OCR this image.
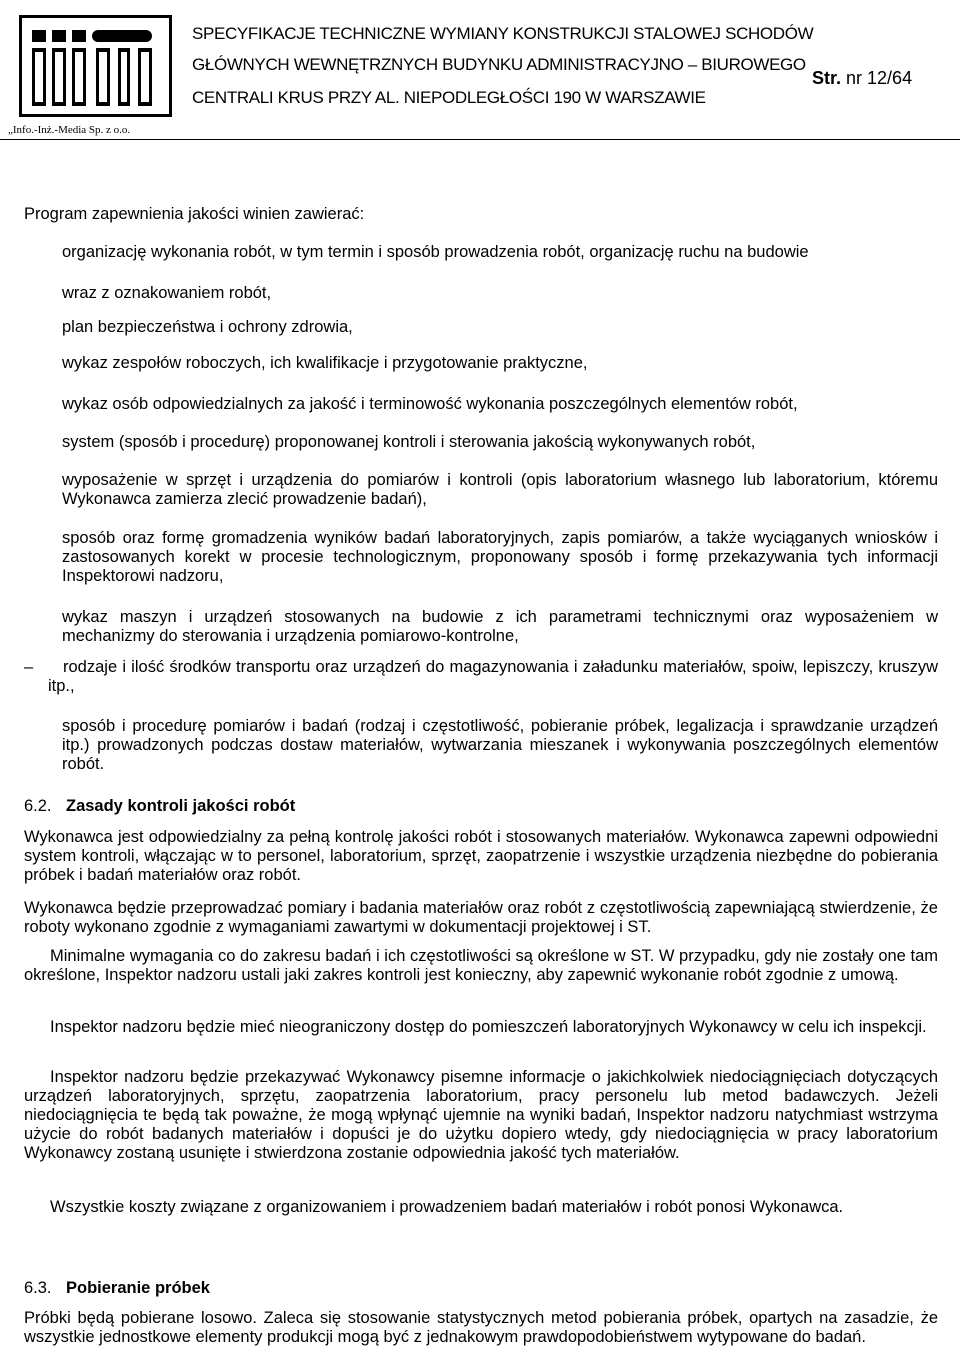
SPECYFIKACJE TECHNICZNE WYMIANY KONSTRUKCJI STALOWEJ SCHODÓW
GŁÓWNYCH WEWNĘTRZNYCH BUDYNKU ADMINISTRACYJNO – BIUROWEGO
CENTRALI KRUS PRZY AL. NIEPODLEGŁOŚCI 190 W WARSZAWIE
Str. nr 12/64
„Info.-Inż.-Media Sp. z o.o.
Program zapewnienia jakości winien zawierać:
organizację wykonania robót, w tym termin i sposób prowadzenia robót, organizację ruchu na budowie
wraz z oznakowaniem robót,
plan bezpieczeństwa i ochrony zdrowia,
wykaz zespołów roboczych, ich kwalifikacje i przygotowanie praktyczne,
wykaz osób odpowiedzialnych za jakość i terminowość wykonania poszczególnych elementów robót,
system (sposób i procedurę) proponowanej kontroli i sterowania jakością wykonywanych robót,
wyposażenie w sprzęt i urządzenia do pomiarów i kontroli (opis laboratorium własnego lub laboratorium, któremu Wykonawca zamierza zlecić prowadzenie badań),
sposób oraz formę gromadzenia wyników badań laboratoryjnych, zapis pomiarów, a także wyciąganych wniosków i zastosowanych korekt w procesie technologicznym, proponowany sposób i formę przekazywania tych informacji Inspektorowi nadzoru,
wykaz maszyn i urządzeń stosowanych na budowie z ich parametrami technicznymi oraz wyposażeniem w mechanizmy do sterowania i urządzenia pomiarowo-kontrolne,
–	rodzaje i ilość środków transportu oraz urządzeń do magazynowania i załadunku materiałów, spoiw, lepiszczy, kruszyw itp.,
sposób i procedurę pomiarów i badań (rodzaj i częstotliwość, pobieranie próbek, legalizacja i sprawdzanie urządzeń itp.) prowadzonych podczas dostaw materiałów, wytwarzania mieszanek i wykonywania poszczególnych elementów robót.
6.2. Zasady kontroli jakości robót
Wykonawca jest odpowiedzialny za pełną kontrolę jakości robót i stosowanych materiałów. Wykonawca zapewni odpowiedni system kontroli, włączając w to personel, laboratorium, sprzęt, zaopatrzenie i wszystkie urządzenia niezbędne do pobierania próbek i badań materiałów oraz robót.
Wykonawca będzie przeprowadzać pomiary i badania materiałów oraz robót z częstotliwością zapewniającą stwierdzenie, że roboty wykonano zgodnie z wymaganiami zawartymi w dokumentacji projektowej i ST.
Minimalne wymagania co do zakresu badań i ich częstotliwości są określone w ST. W przypadku, gdy nie zostały one tam określone, Inspektor nadzoru ustali jaki zakres kontroli jest konieczny, aby zapewnić wykonanie robót zgodnie z umową.
Inspektor nadzoru będzie mieć nieograniczony dostęp do pomieszczeń laboratoryjnych Wykonawcy w celu ich inspekcji.
Inspektor nadzoru będzie przekazywać Wykonawcy pisemne informacje o jakichkolwiek niedociągnięciach dotyczących urządzeń laboratoryjnych, sprzętu, zaopatrzenia laboratorium, pracy personelu lub metod badawczych. Jeżeli niedociągnięcia te będą tak poważne, że mogą wpłynąć ujemnie na wyniki badań, Inspektor nadzoru natychmiast wstrzyma użycie do robót badanych materiałów i dopuści je do użytku dopiero wtedy, gdy niedociągnięcia w pracy laboratorium Wykonawcy zostaną usunięte i stwierdzona zostanie odpowiednia jakość tych materiałów.
Wszystkie koszty związane z organizowaniem i prowadzeniem badań materiałów i robót ponosi Wykonawca.
6.3. Pobieranie próbek
Próbki będą pobierane losowo. Zaleca się stosowanie statystycznych metod pobierania próbek, opartych na zasadzie, że wszystkie jednostkowe elementy produkcji mogą być z jednakowym prawdopodobieństwem wytypowane do badań.
